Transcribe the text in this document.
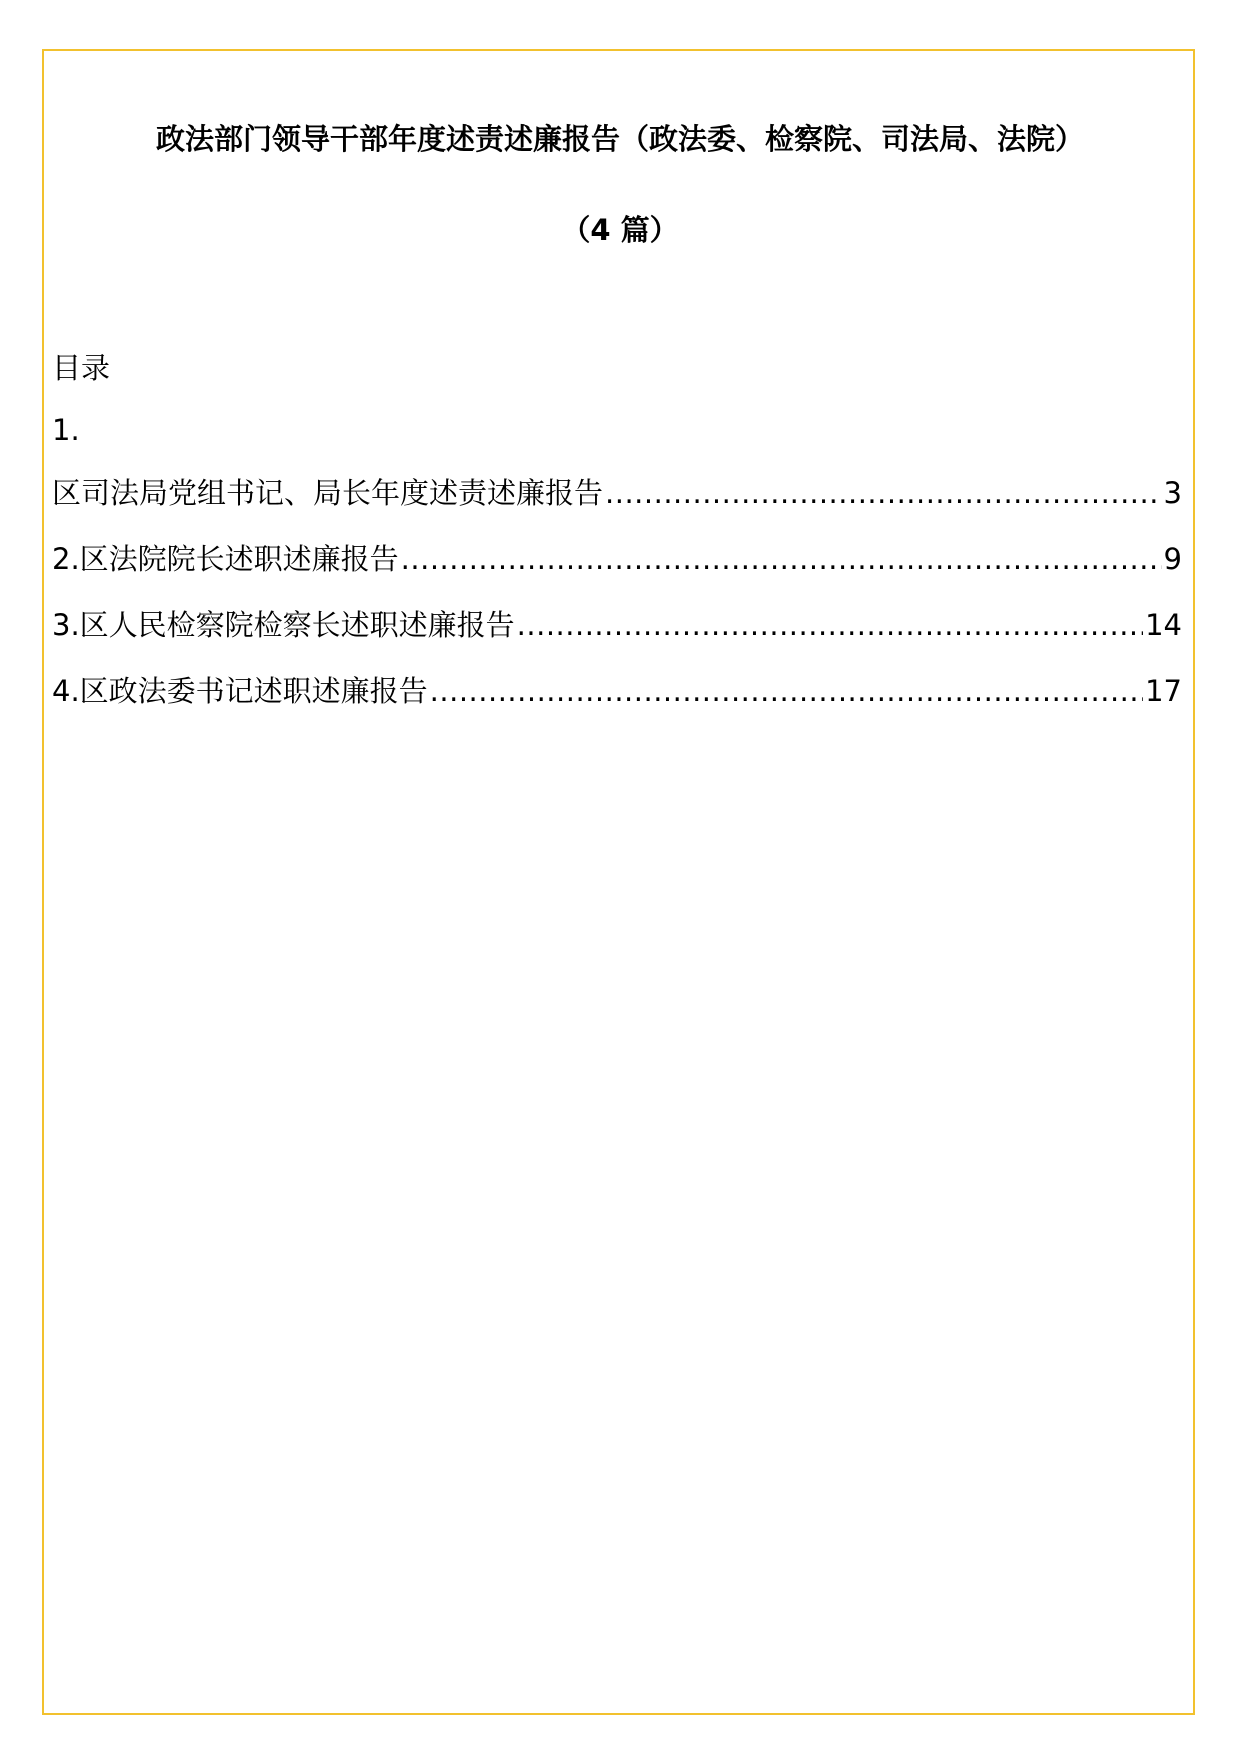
政法部门领导干部年度述责述廉报告（政法委、检察院、司法局、法院）
（4 篇）
目录
1.
区司法局党组书记、局长年度述责述廉报告 .....	3
2.区法院院长述职述廉报告 .....	9
3.区人民检察院检察长述职述廉报告 .....	14
4.区政法委书记述职述廉报告 .....	17
